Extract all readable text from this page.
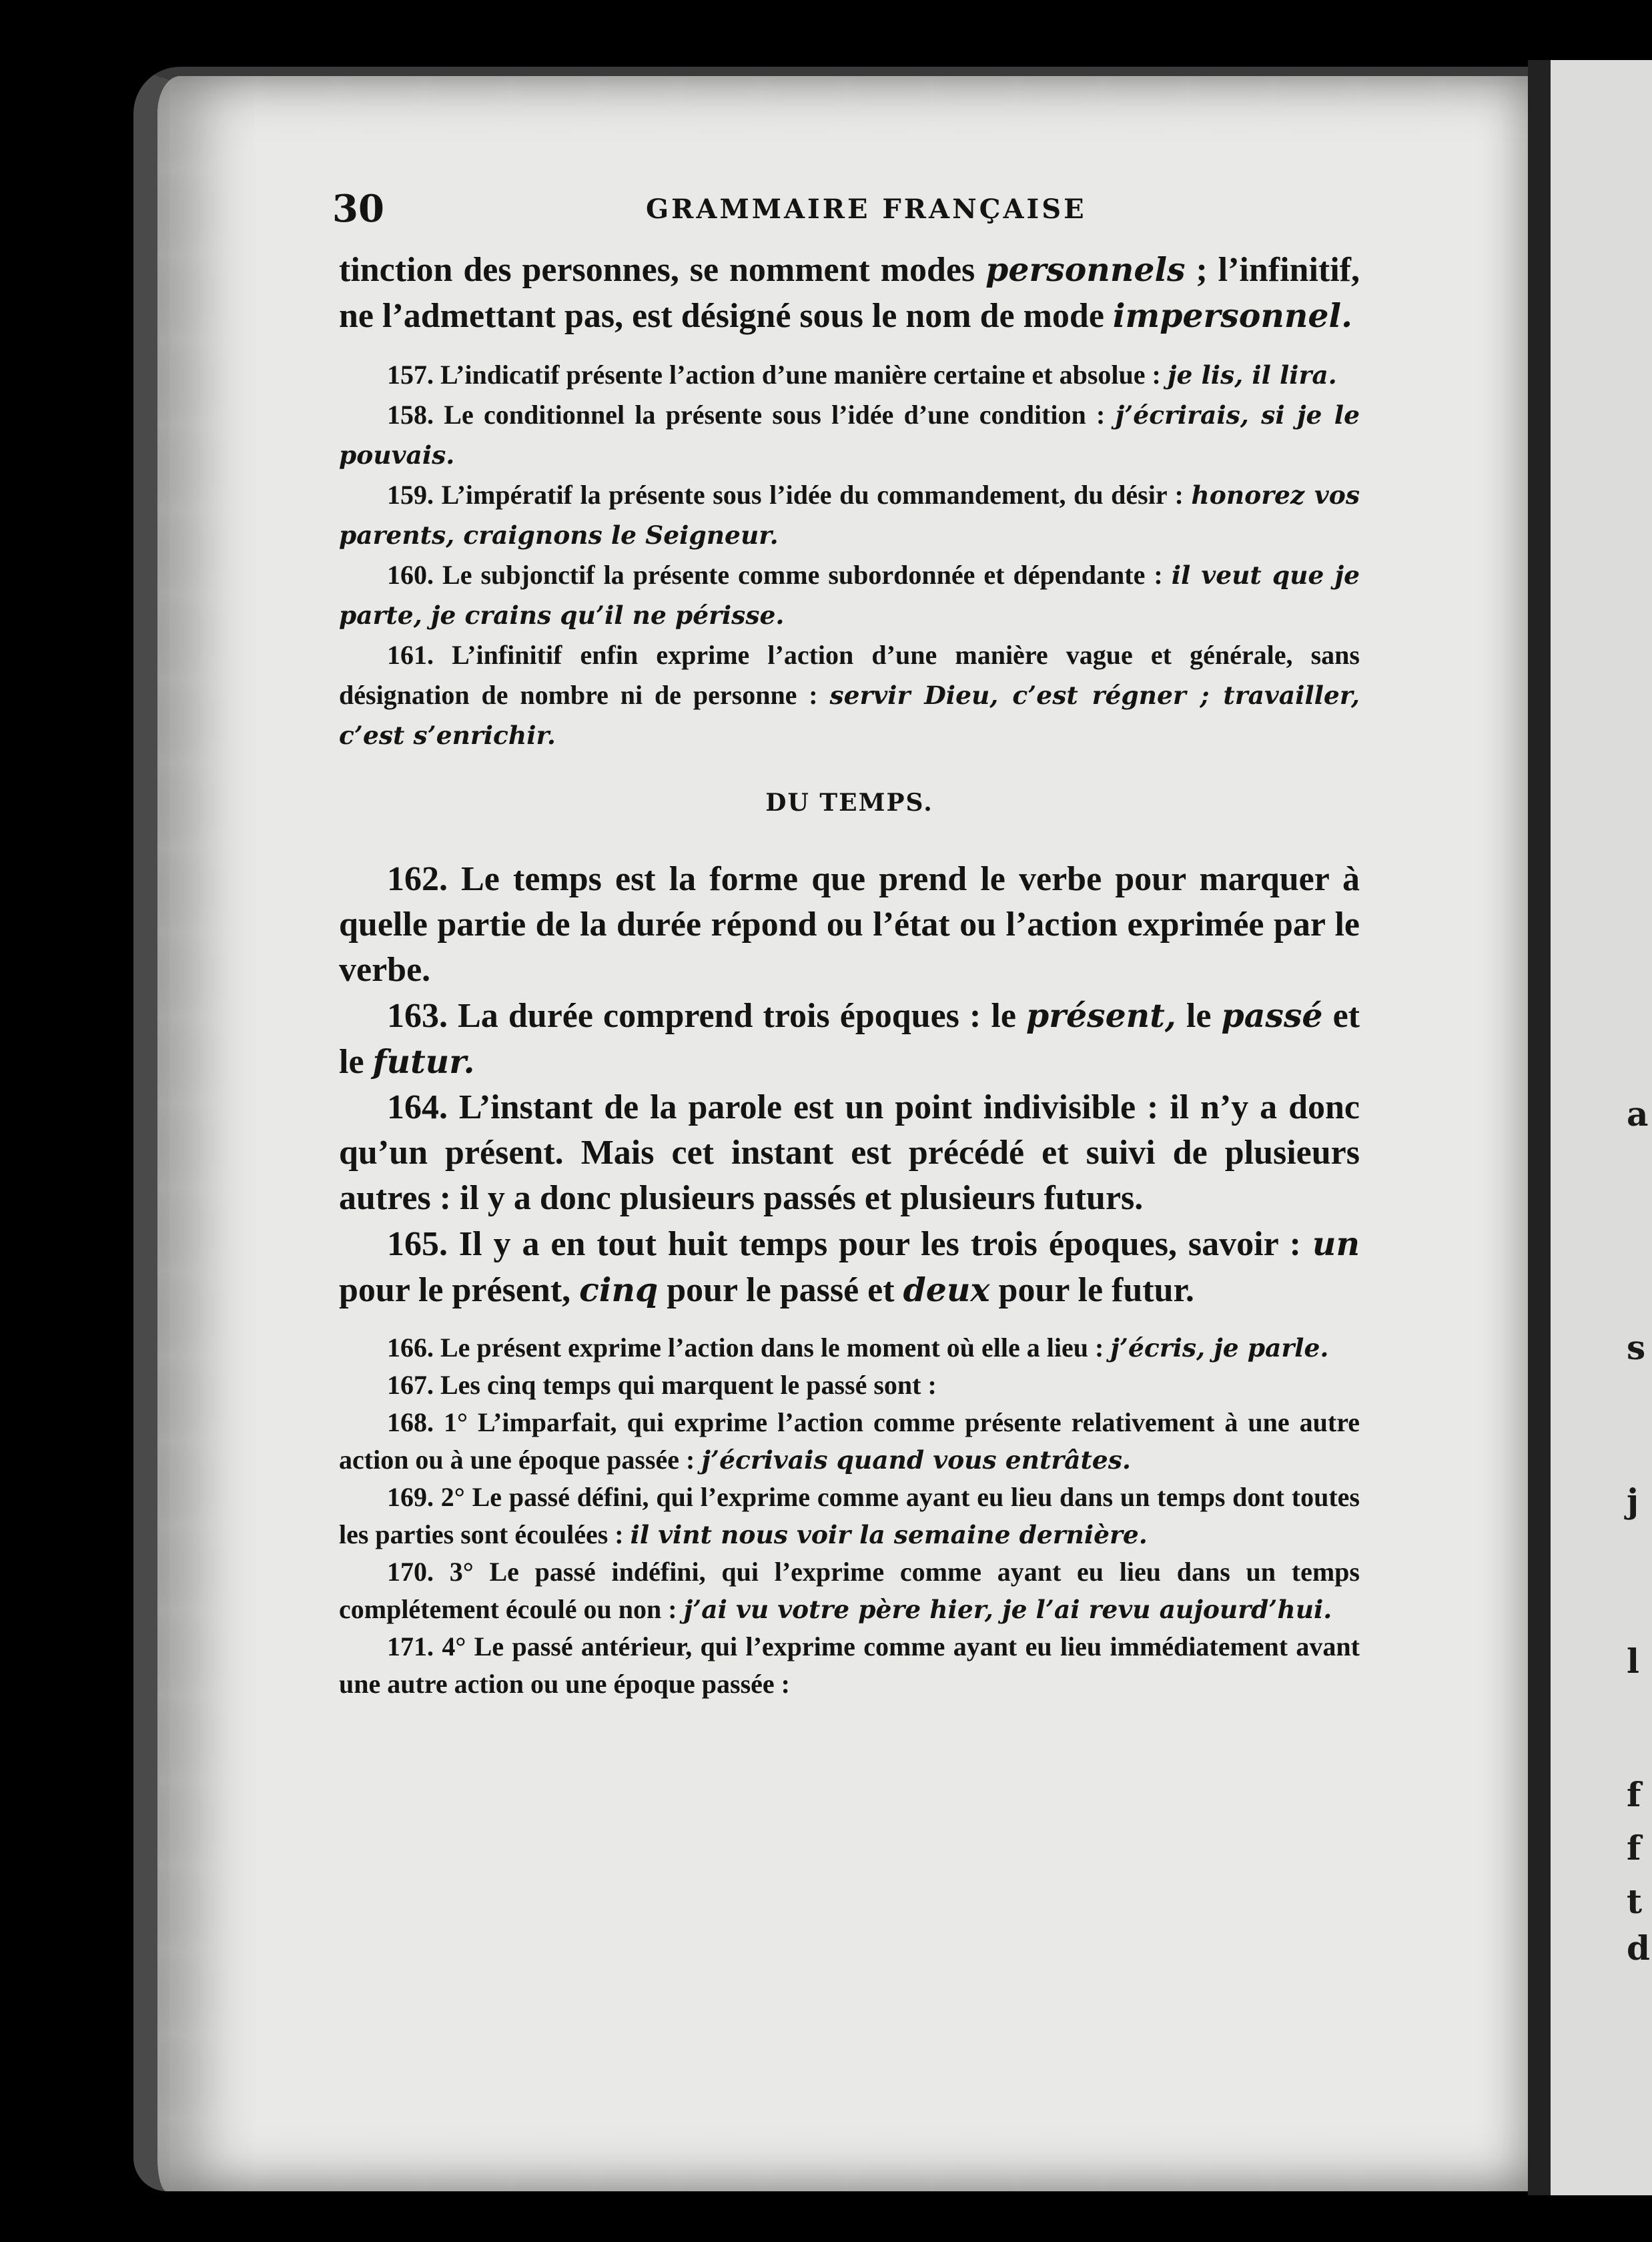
a
s
j
l
f
f
t
d
30	GRAMMAIRE FRANÇAISE

tinction des personnes, se nomment modes personnels ; l’infinitif, ne l’admettant pas, est désigné sous le nom de mode impersonnel.

157. L’indicatif présente l’action d’une manière certaine et absolue : je lis, il lira.

158. Le conditionnel la présente sous l’idée d’une condition : j’écrirais, si je le pouvais.

159. L’impératif la présente sous l’idée du commandement, du désir : honorez vos parents, craignons le Seigneur.

160. Le subjonctif la présente comme subordonnée et dépendante : il veut que je parte, je crains qu’il ne périsse.

161. L’infinitif enfin exprime l’action d’une manière vague et générale, sans désignation de nombre ni de personne : servir Dieu, c’est régner ; travailler, c’est s’enrichir.

DU TEMPS.

162. Le temps est la forme que prend le verbe pour marquer à quelle partie de la durée répond ou l’état ou l’action exprimée par le verbe.

163. La durée comprend trois époques : le présent, le passé et le futur.

164. L’instant de la parole est un point indivisible : il n’y a donc qu’un présent. Mais cet instant est précédé et suivi de plusieurs autres : il y a donc plusieurs passés et plusieurs futurs.

165. Il y a en tout huit temps pour les trois époques, savoir : un pour le présent, cinq pour le passé et deux pour le futur.

166. Le présent exprime l’action dans le moment où elle a lieu : j’écris, je parle.

167. Les cinq temps qui marquent le passé sont :

168. 1° L’imparfait, qui exprime l’action comme présente relativement à une autre action ou à une époque passée : j’écrivais quand vous entrâtes.

169. 2° Le passé défini, qui l’exprime comme ayant eu lieu dans un temps dont toutes les parties sont écoulées : il vint nous voir la semaine dernière.

170. 3° Le passé indéfini, qui l’exprime comme ayant eu lieu dans un temps complétement écoulé ou non : j’ai vu votre père hier, je l’ai revu aujourd’hui.

171. 4° Le passé antérieur, qui l’exprime comme ayant eu lieu immédiatement avant une autre action ou une époque passée :
